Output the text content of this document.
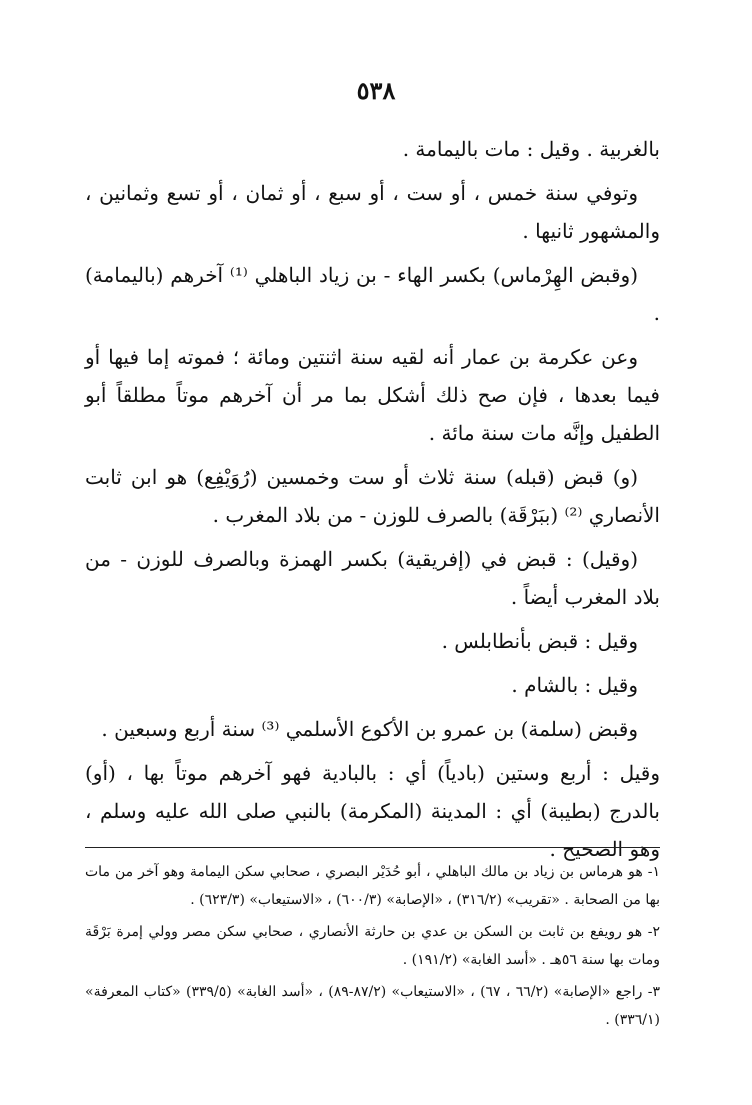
٥٣٨

بالغربية . وقيل : مات باليمامة .

وتوفي سنة خمس ، أو ست ، أو سبع ، أو ثمان ، أو تسع وثمانين ، والمشهور ثانيها .

(وقبض الهِرْماس) بكسر الهاء - بن زياد الباهلي ⁽¹⁾ آخرهم (باليمامة) .

وعن عكرمة بن عمار أنه لقيه سنة اثنتين ومائة ؛ فموته إما فيها أو فيما بعدها ، فإن صح ذلك أشكل بما مر أن آخرهم موتاً مطلقاً أبو الطفيل وإنَّه مات سنة مائة .

(و) قبض (قبله) سنة ثلاث أو ست وخمسين (رُوَيْفِع) هو ابن ثابت الأنصاري ⁽²⁾ (ببَرْقَة) بالصرف للوزن - من بلاد المغرب .

(وقيل) : قبض في (إفريقية) بكسر الهمزة وبالصرف للوزن - من بلاد المغرب أيضاً .

وقيل : قبض بأنطابلس .

وقيل : بالشام .

وقبض (سلمة) بن عمرو بن الأكوع الأسلمي ⁽³⁾ سنة أربع وسبعين .

وقيل : أربع وستين (بادياً) أي : بالبادية فهو آخرهم موتاً بها ، (أو) بالدرج (بطيبة) أي : المدينة (المكرمة) بالنبي صلى الله عليه وسلم ، وهو الصحيح .

١- هو هرماس بن زياد بن مالك الباهلي ، أبو حُدَيْر البصري ، صحابي سكن اليمامة وهو آخر من مات بها من الصحابة . «تقريب» (٣١٦/٢) ، «الإصابة» (٦٠٠/٣) ، «الاستيعاب» (٦٢٣/٣) .

٢- هو رويفع بن ثابت بن السكن بن عدي بن حارثة الأنصاري ، صحابي سكن مصر وولي إمرة بَرْقَة ومات بها سنة ٥٦هـ . «أسد الغابة» (١٩١/٢) .

٣- راجع «الإصابة» (٦٦/٢ ، ٦٧) ، «الاستيعاب» (٨٧/٢-٨٩) ، «أسد الغابة» (٣٣٩/٥) «كتاب المعرفة» (٣٣٦/١) .
